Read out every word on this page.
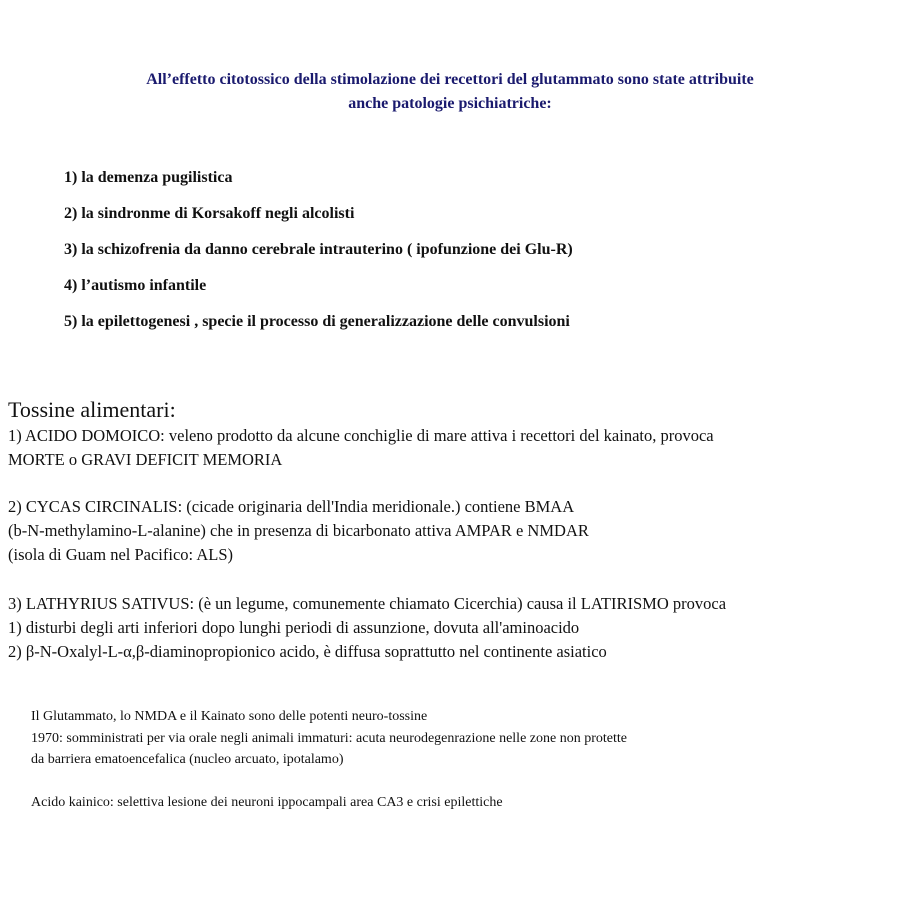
All’effetto citotossico della stimolazione dei recettori del glutammato sono state attribuite
anche patologie psichiatriche:
1) la demenza pugilistica
2) la sindronme di Korsakoff negli alcolisti
3) la schizofrenia da danno cerebrale intrauterino ( ipofunzione dei Glu-R)
4) l’autismo infantile
5) la epilettogenesi , specie il processo di generalizzazione delle convulsioni
Tossine alimentari:
1) ACIDO DOMOICO: veleno prodotto da alcune conchiglie di mare attiva i recettori del kainato, provoca
MORTE o GRAVI DEFICIT MEMORIA
2) CYCAS CIRCINALIS: (cicade originaria dell'India meridionale.) contiene BMAA
(b-N-methylamino-L-alanine) che in presenza di bicarbonato attiva AMPAR e NMDAR
(isola di Guam nel Pacifico: ALS)
3) LATHYRIUS SATIVUS: (è un legume, comunemente chiamato Cicerchia) causa il LATIRISMO provoca
1) disturbi degli arti inferiori dopo lunghi periodi di assunzione, dovuta all'aminoacido
2) β-N-Oxalyl-L-α,β-diaminopropionico acido, è diffusa soprattutto nel continente asiatico
Il Glutammato, lo NMDA e il Kainato sono delle potenti neuro-tossine
1970: somministrati per via orale negli animali immaturi: acuta neurodegenrazione nelle zone non protette
da barriera ematoencefalica (nucleo arcuato, ipotalamo)
Acido kainico: selettiva lesione dei neuroni ippocampali area CA3 e crisi epilettiche
